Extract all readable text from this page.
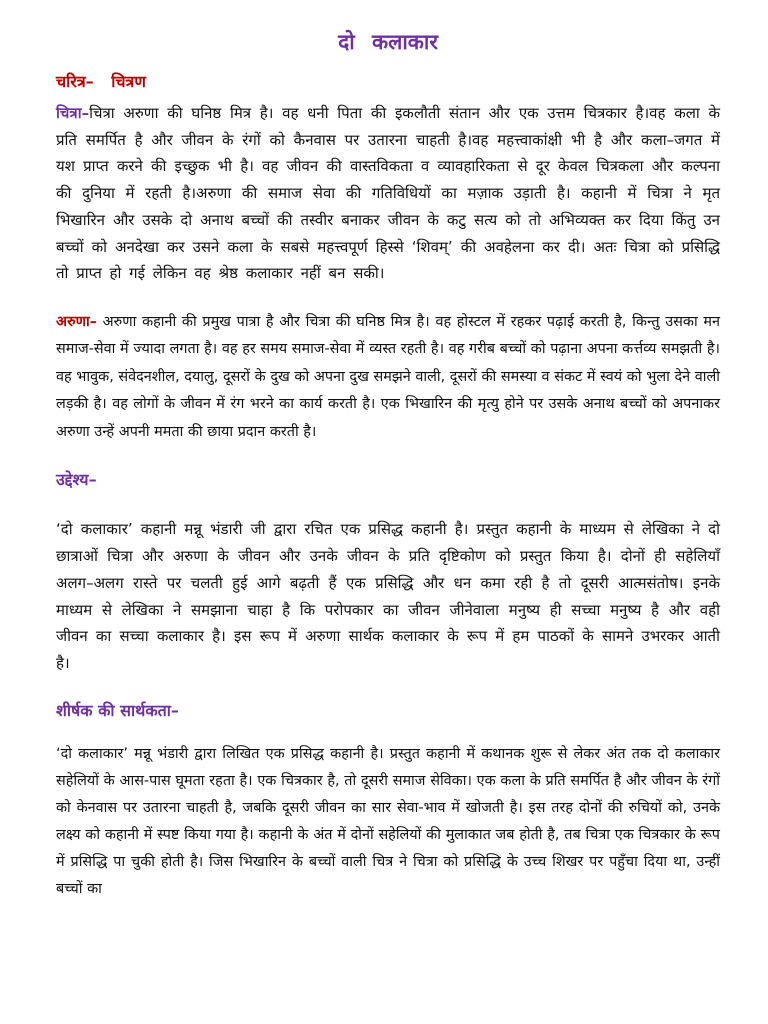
दो कलाकार
चरित्र– चित्रण

चित्रा–चित्रा अरुणा की घनिष्ठ मित्र है। वह धनी पिता की इकलौती संतान और एक उत्तम चित्रकार है।वह कला के प्रति समर्पित है और जीवन के रंगों को कैनवास पर उतारना चाहती है।वह महत्त्वाकांक्षी भी है और कला–जगत में यश प्राप्त करने की इच्छुक भी है। वह जीवन की वास्तविकता व व्यावहारिकता से दूर केवल चित्रकला और कल्पना की दुनिया में रहती है।अरुणा की समाज सेवा की गतिविधियों का मज़ाक उड़ाती है। कहानी में चित्रा ने मृत भिखारिन और उसके दो अनाथ बच्चों की तस्वीर बनाकर जीवन के कटु सत्य को तो अभिव्यक्त कर दिया किंतु उन बच्चों को अनदेखा कर उसने कला के सबसे महत्त्वपूर्ण हिस्से ‘शिवम्’ की अवहेलना कर दी। अतः चित्रा को प्रसिद्धि तो प्राप्त हो गई लेकिन वह श्रेष्ठ कलाकार नहीं बन सकी।

अरुणा– अरुणा कहानी की प्रमुख पात्रा है और चित्रा की घनिष्ठ मित्र है। वह होस्टल में रहकर पढ़ाई करती है, किन्तु उसका मन समाज-सेवा में ज्यादा लगता है। वह हर समय समाज-सेवा में व्यस्त रहती है। वह गरीब बच्चों को पढ़ाना अपना कर्त्तव्य समझती है। वह भावुक, संवेदनशील, दयालु, दूसरों के दुख को अपना दुख समझने वाली, दूसरों की समस्या व संकट में स्वयं को भुला देने वाली लड़की है। वह लोगों के जीवन में रंग भरने का कार्य करती है। एक भिखारिन की मृत्यु होने पर उसके अनाथ बच्चों को अपनाकर अरुणा उन्हें अपनी ममता की छाया प्रदान करती है।

उद्देश्य–

‘दो कलाकार’ कहानी मन्नू भंडारी जी द्वारा रचित एक प्रसिद्ध कहानी है। प्रस्तुत कहानी के माध्यम से लेखिका ने दो छात्राओं चित्रा और अरुणा के जीवन और उनके जीवन के प्रति दृष्टिकोण को प्रस्तुत किया है। दोनों ही सहेलियाँ अलग–अलग रास्ते पर चलती हुई आगे बढ़ती हैं एक प्रसिद्धि और धन कमा रही है तो दूसरी आत्मसंतोष। इनके माध्यम से लेखिका ने समझाना चाहा है कि परोपकार का जीवन जीनेवाला मनुष्य ही सच्चा मनुष्य है और वही जीवन का सच्चा कलाकार है। इस रूप में अरुणा सार्थक कलाकार के रूप में हम पाठकों के सामने उभरकर आती है।

शीर्षक की सार्थकता–

‘दो कलाकार’ मन्नू भंडारी द्वारा लिखित एक प्रसिद्ध कहानी है। प्रस्तुत कहानी में कथानक शुरू से लेकर अंत तक दो कलाकार सहेलियों के आस-पास घूमता रहता है। एक चित्रकार है, तो दूसरी समाज सेविका। एक कला के प्रति समर्पित है और जीवन के रंगों को केनवास पर उतारना चाहती है, जबकि दूसरी जीवन का सार सेवा-भाव में खोजती है। इस तरह दोनों की रुचियों को, उनके लक्ष्य को कहानी में स्पष्ट किया गया है। कहानी के अंत में दोनों सहेलियों की मुलाकात जब होती है, तब चित्रा एक चित्रकार के रूप में प्रसिद्धि पा चुकी होती है। जिस भिखारिन के बच्चों वाली चित्र ने चित्रा को प्रसिद्धि के उच्च शिखर पर पहुँचा दिया था, उन्हीं बच्चों का
